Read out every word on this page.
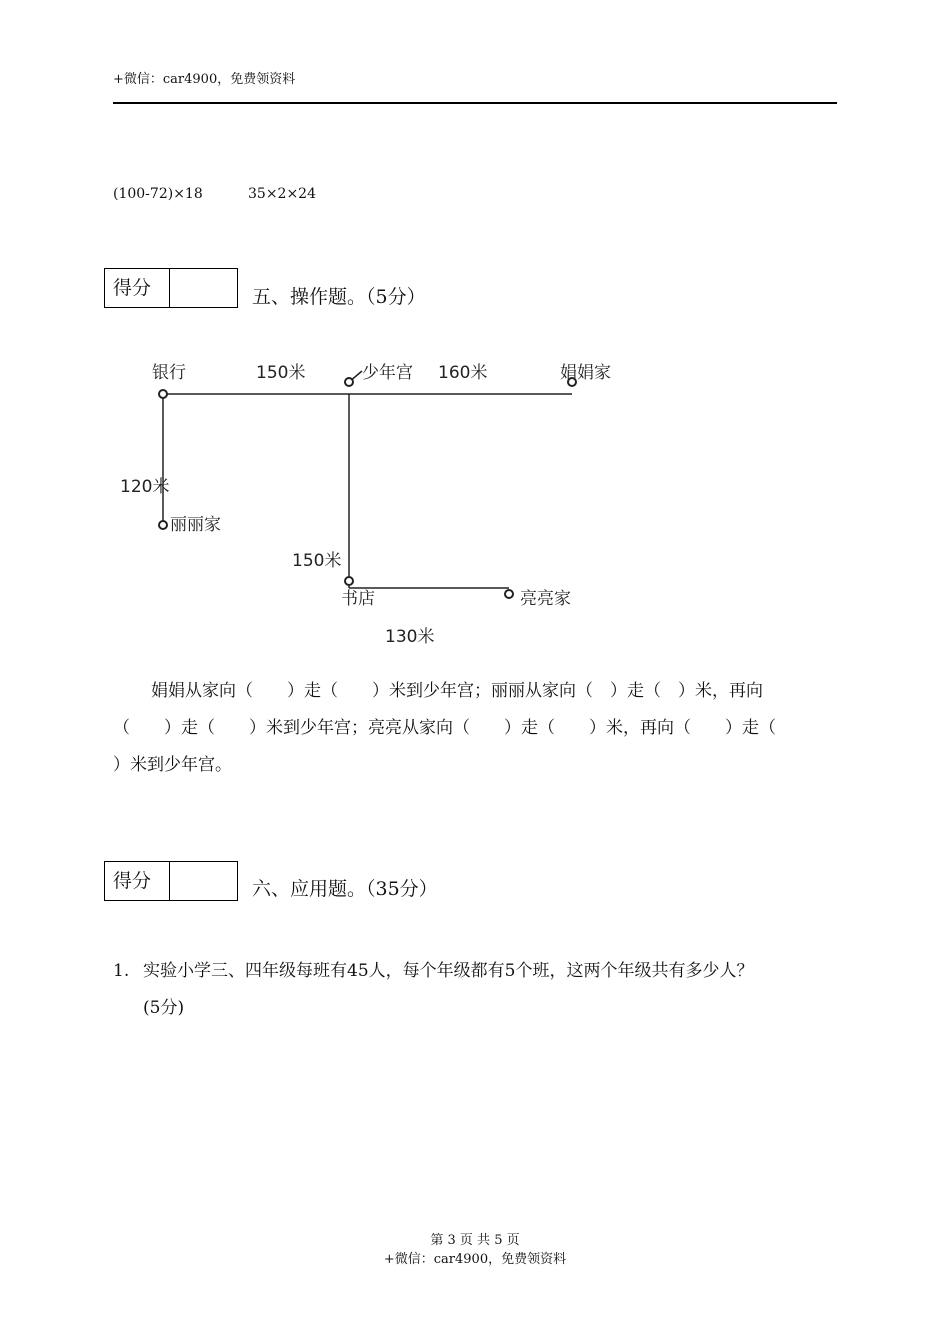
+微信：car4900，免费领资料
(100-72)×18	35×2×24
得分	五、操作题。（5分）
银行	150米	少年宫 160米	娟娟家
120米
丽丽家
150米
书店	亮亮家
130米
娟娟从家向（　　）走（　　）米到少年宫；丽丽从家向（　）走（　）米，再向
（　　）走（　　）米到少年宫；亮亮从家向（　　）走（　　）米，再向（　　）走（
）米到少年宫。
得分	六、应用题。（35分）
1. 实验小学三、四年级每班有45人，每个年级都有5个班，这两个年级共有多少人？
(5分)
第 3 页 共 5 页
+微信：car4900，免费领资料
